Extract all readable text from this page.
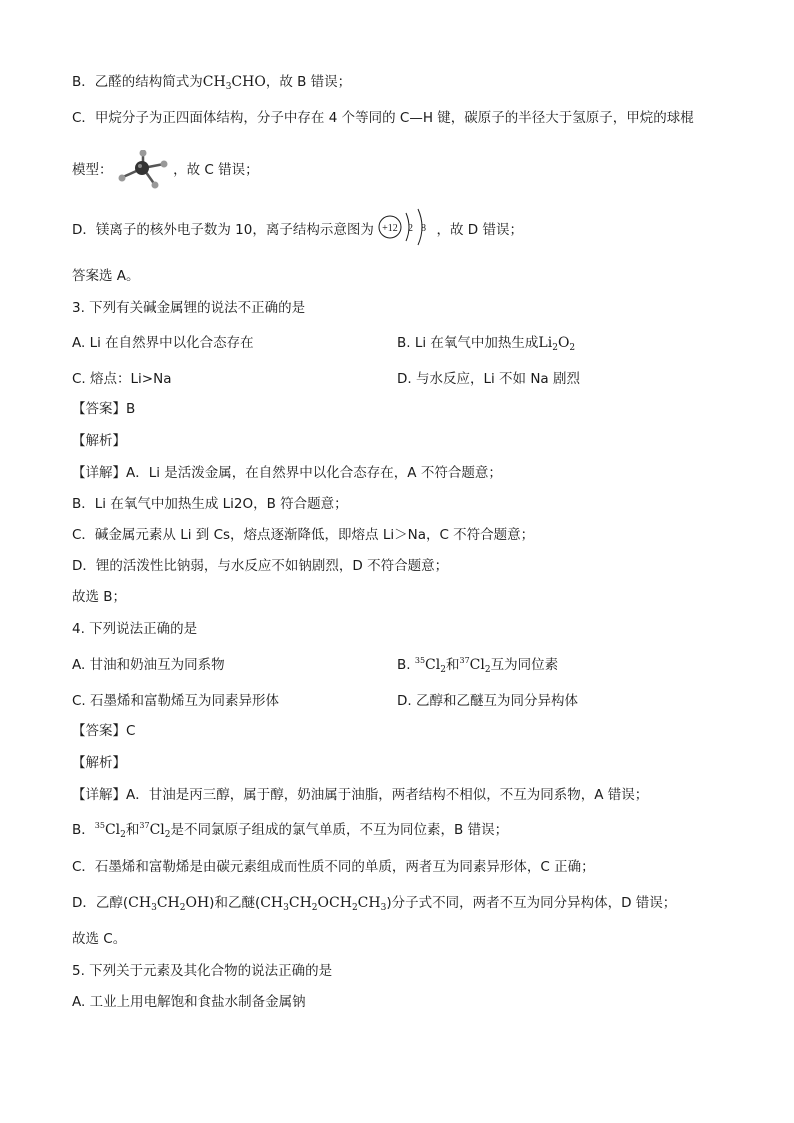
B．乙醛的结构简式为$CH_3CHO$，故 B 错误；
C．甲烷分子为正四面体结构，分子中存在 4 个等同的 C—H 键，碳原子的半径大于氢原子，甲烷的球棍
模型：	，故 C 错误；
D．镁离子的核外电子数为 10，离子结构示意图为 +12 2 8 ，故 D 错误；
答案选 A。
3. 下列有关碱金属锂的说法不正确的是
A. Li 在自然界中以化合态存在	B. Li 在氧气中加热生成$Li_2O_2$
C. 熔点：Li>Na	D. 与水反应，Li 不如 Na 剧烈
【答案】B
【解析】
【详解】A．Li 是活泼金属，在自然界中以化合态存在，A 不符合题意；
B．Li 在氧气中加热生成 Li2O，B 符合题意；
C．碱金属元素从 Li 到 Cs，熔点逐渐降低，即熔点 Li＞Na，C 不符合题意；
D．锂的活泼性比钠弱，与水反应不如钠剧烈，D 不符合题意；
故选 B；
4. 下列说法正确的是
A. 甘油和奶油互为同系物	B. $^{35}Cl_2$和$^{37}Cl_2$互为同位素
C. 石墨烯和富勒烯互为同素异形体	D. 乙醇和乙醚互为同分异构体
【答案】C
【解析】
【详解】A．甘油是丙三醇，属于醇，奶油属于油脂，两者结构不相似，不互为同系物，A 错误；
B．$^{35}Cl_2$和$^{37}Cl_2$是不同氯原子组成的氯气单质，不互为同位素，B 错误；
C．石墨烯和富勒烯是由碳元素组成而性质不同的单质，两者互为同素异形体，C 正确；
D．乙醇$(CH_3CH_2OH)$和乙醚$(CH_3CH_2OCH_2CH_3)$分子式不同，两者不互为同分异构体，D 错误；
故选 C。
5. 下列关于元素及其化合物的说法正确的是
A. 工业上用电解饱和食盐水制备金属钠
